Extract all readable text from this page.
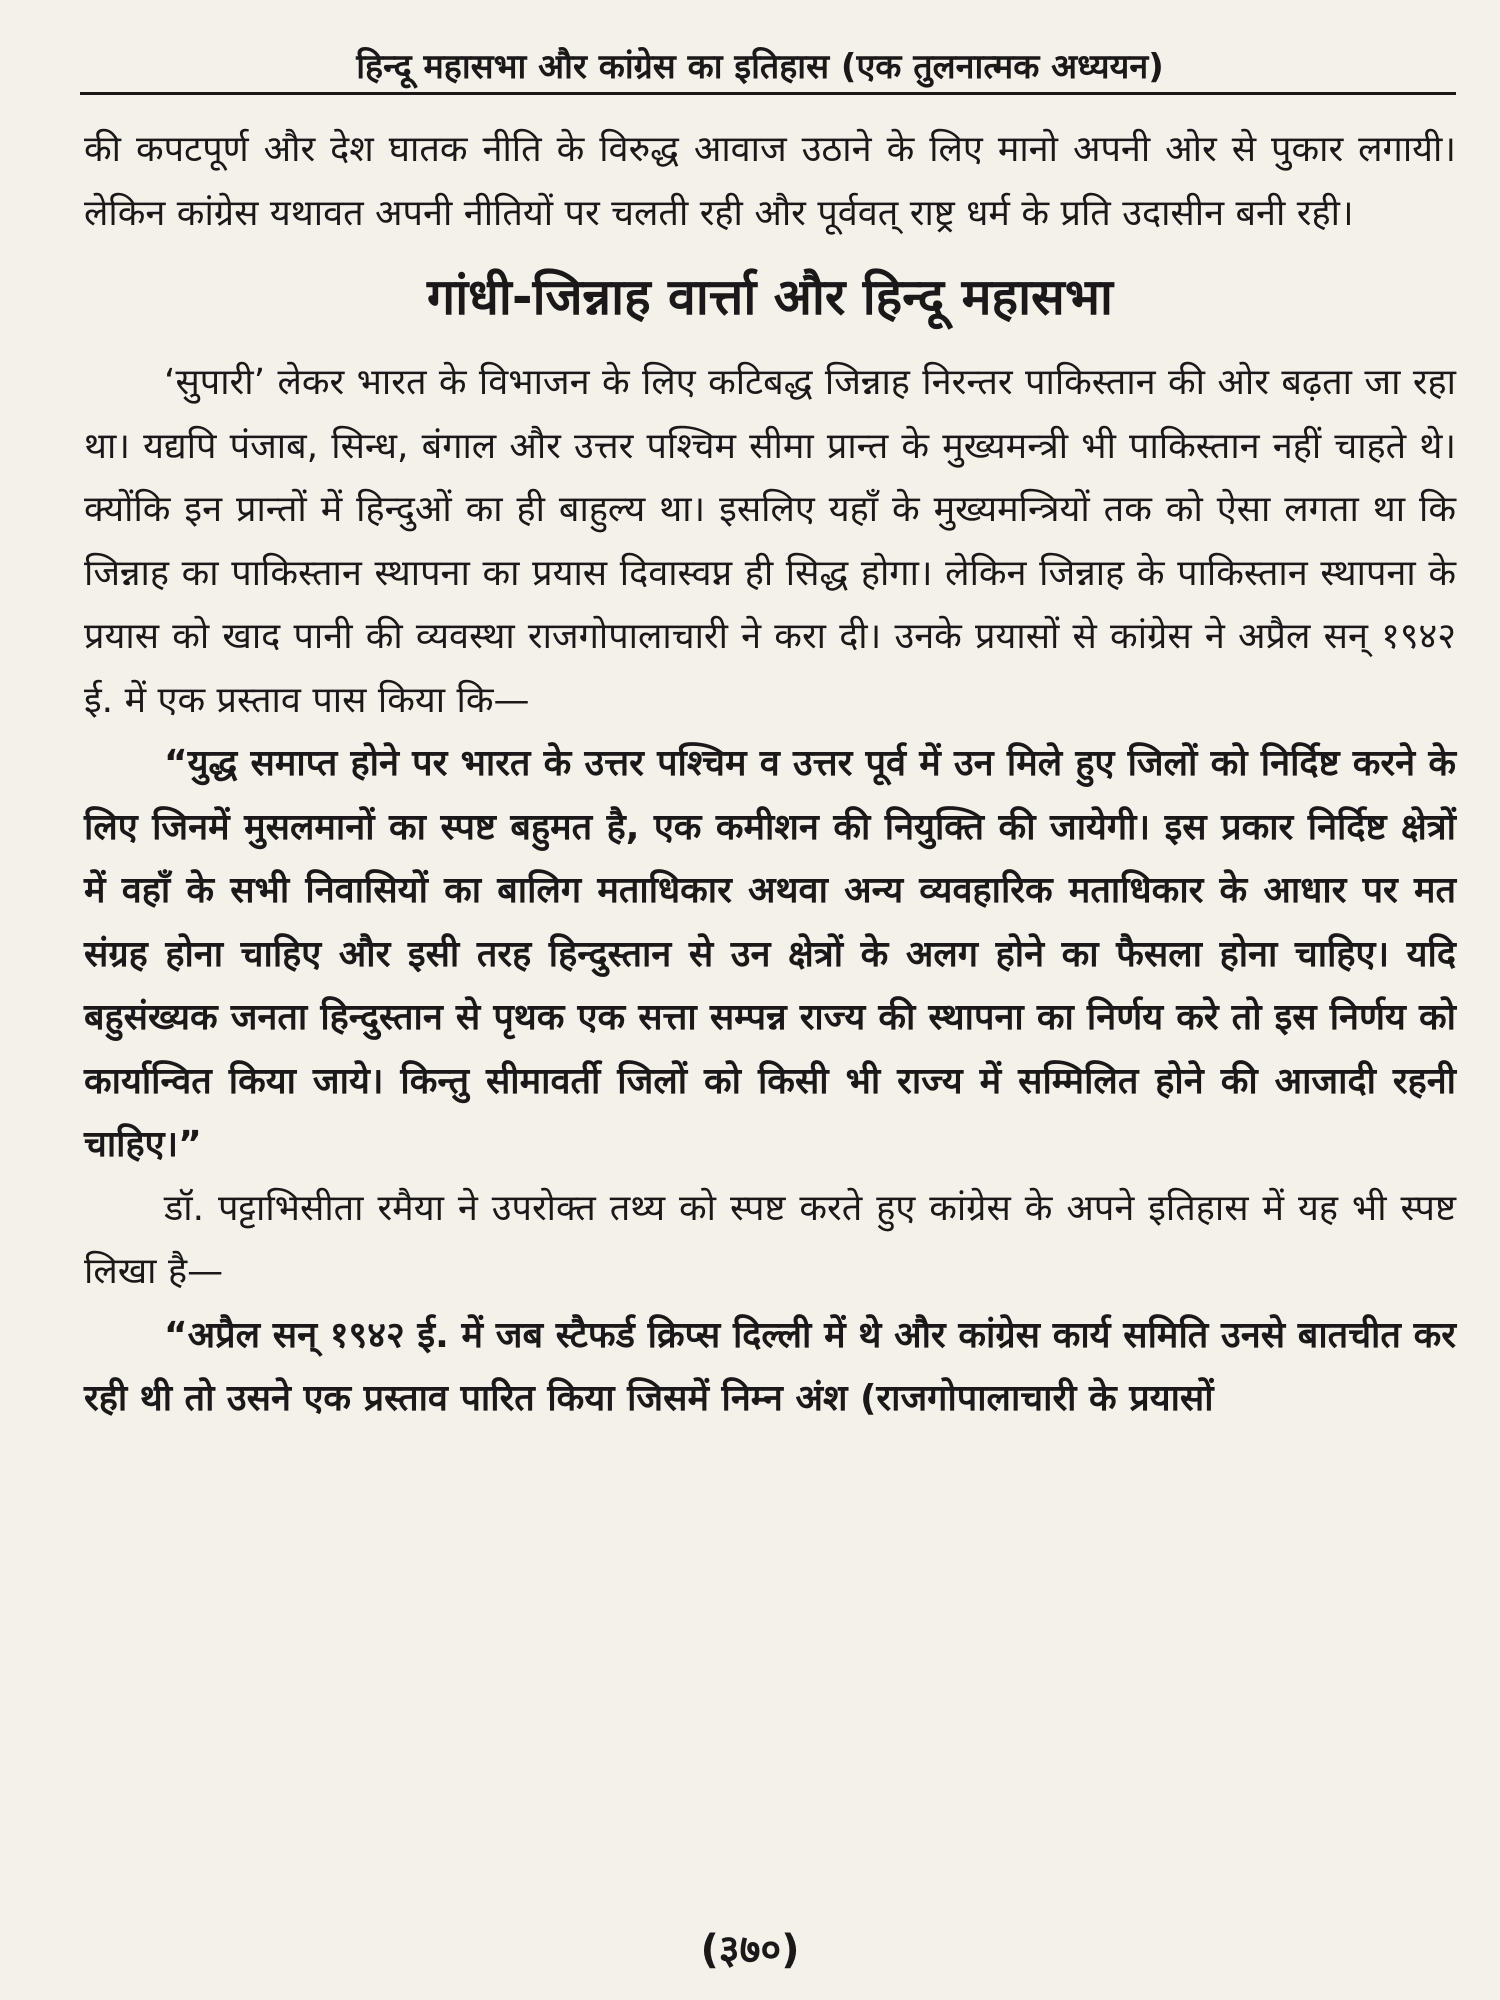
हिन्दू महासभा और कांग्रेस का इतिहास (एक तुलनात्मक अध्ययन)

की कपटपूर्ण और देश घातक नीति के विरुद्ध आवाज उठाने के लिए मानो अपनी ओर से पुकार लगायी। लेकिन कांग्रेस यथावत अपनी नीतियों पर चलती रही और पूर्ववत् राष्ट्र धर्म के प्रति उदासीन बनी रही।

गांधी-जिन्नाह वार्त्ता और हिन्दू महासभा

‘सुपारी’ लेकर भारत के विभाजन के लिए कटिबद्ध जिन्नाह निरन्तर पाकिस्तान की ओर बढ़ता जा रहा था। यद्यपि पंजाब, सिन्ध, बंगाल और उत्तर पश्चिम सीमा प्रान्त के मुख्यमन्त्री भी पाकिस्तान नहीं चाहते थे। क्योंकि इन प्रान्तों में हिन्दुओं का ही बाहुल्य था। इसलिए यहाँ के मुख्यमन्त्रियों तक को ऐसा लगता था कि जिन्नाह का पाकिस्तान स्थापना का प्रयास दिवास्वप्न ही सिद्ध होगा। लेकिन जिन्नाह के पाकिस्तान स्थापना के प्रयास को खाद पानी की व्यवस्था राजगोपालाचारी ने करा दी। उनके प्रयासों से कांग्रेस ने अप्रैल सन् १९४२ ई. में एक प्रस्ताव पास किया कि—

“युद्ध समाप्त होने पर भारत के उत्तर पश्चिम व उत्तर पूर्व में उन मिले हुए जिलों को निर्दिष्ट करने के लिए जिनमें मुसलमानों का स्पष्ट बहुमत है, एक कमीशन की नियुक्ति की जायेगी। इस प्रकार निर्दिष्ट क्षेत्रों में वहाँ के सभी निवासियों का बालिग मताधिकार अथवा अन्य व्यवहारिक मताधिकार के आधार पर मत संग्रह होना चाहिए और इसी तरह हिन्दुस्तान से उन क्षेत्रों के अलग होने का फैसला होना चाहिए। यदि बहुसंख्यक जनता हिन्दुस्तान से पृथक एक सत्ता सम्पन्न राज्य की स्थापना का निर्णय करे तो इस निर्णय को कार्यान्वित किया जाये। किन्तु सीमावर्ती जिलों को किसी भी राज्य में सम्मिलित होने की आजादी रहनी चाहिए।”

डॉ. पट्टाभिसीता रमैया ने उपरोक्त तथ्य को स्पष्ट करते हुए कांग्रेस के अपने इतिहास में यह भी स्पष्ट लिखा है—

“अप्रैल सन् १९४२ ई. में जब स्टैफर्ड क्रिप्स दिल्ली में थे और कांग्रेस कार्य समिति उनसे बातचीत कर रही थी तो उसने एक प्रस्ताव पारित किया जिसमें निम्न अंश (राजगोपालाचारी के प्रयासों

(३७०)
